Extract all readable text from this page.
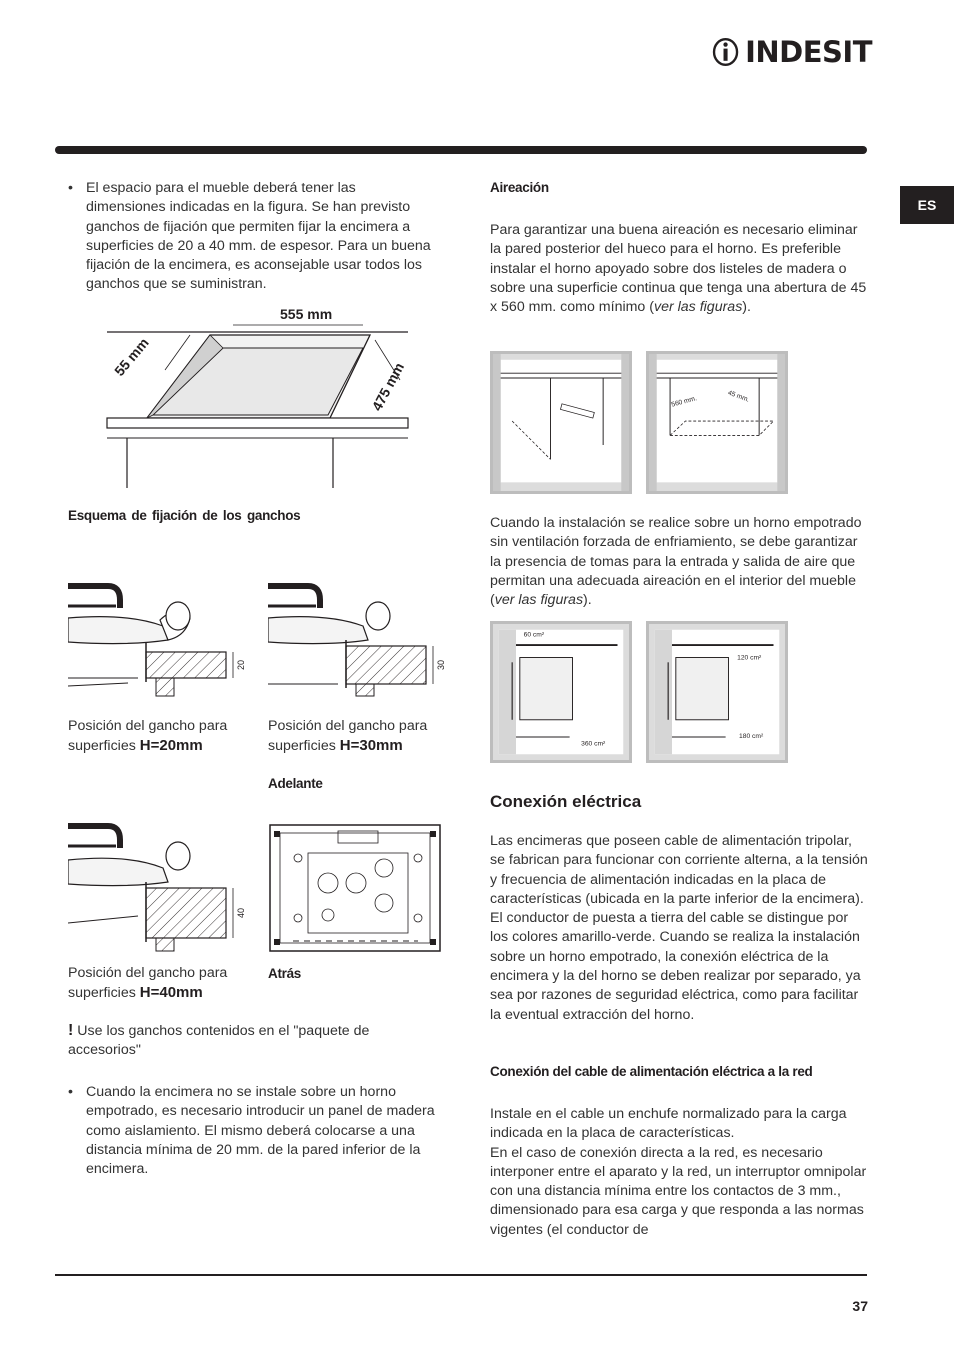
INDESIT
ES
• El espacio para el mueble deberá tener las dimensiones indicadas en la figura. Se han previsto ganchos de fijación que permiten fijar la encimera a superficies de 20 a 40 mm. de espesor. Para un buena fijación de la encimera, es aconsejable usar todos los ganchos que se suministran.
555 mm
55 mm
475 mm
Esquema de fijación de los ganchos
20	30
Posición del gancho para
superficies H=20mm
Posición del gancho para
superficies H=30mm
Adelante
40
Posición del gancho para
superficies H=40mm
Atrás
! Use los ganchos contenidos en el "paquete de accesorios"
• Cuando la encimera no se instale sobre un horno empotrado, es necesario introducir un panel de madera como aislamiento. El mismo deberá colocarse a una distancia mínima de 20 mm. de la pared inferior de la encimera.
Aireación
Para garantizar una buena aireación es necesario eliminar la pared posterior del hueco para el horno. Es preferible instalar el horno apoyado sobre dos listeles de madera o sobre una superficie continua que tenga una abertura de 45 x 560 mm. como mínimo (ver las figuras).
560 mm.	45 mm.
Cuando la instalación se realice sobre un horno empotrado sin ventilación forzada de enfriamiento, se debe garantizar la presencia de tomas para la entrada y salida de aire que permitan una adecuada aireación en el interior del mueble (ver las figuras).
60 cm²
360 cm²
120 cm²
180 cm²
Conexión eléctrica
Las encimeras que poseen cable de alimentación tripolar, se fabrican para funcionar con corriente alterna, a la tensión y frecuencia de alimentación indicadas en la placa de características (ubicada en la parte inferior de la encimera). El conductor de puesta a tierra del cable se distingue por los colores amarillo-verde. Cuando se realiza la instalación sobre un horno empotrado, la conexión eléctrica de la encimera y la del horno se deben realizar por separado, ya sea por razones de seguridad eléctrica, como para facilitar la eventual extracción del horno.
Conexión del cable de alimentación eléctrica a la red
Instale en el cable un enchufe normalizado para la carga indicada en la placa de características.
En el caso de conexión directa a la red, es necesario interponer entre el aparato y la red, un interruptor omnipolar con una distancia mínima entre los contactos de 3 mm., dimensionado para esa carga y que responda a las normas vigentes (el conductor de
37
